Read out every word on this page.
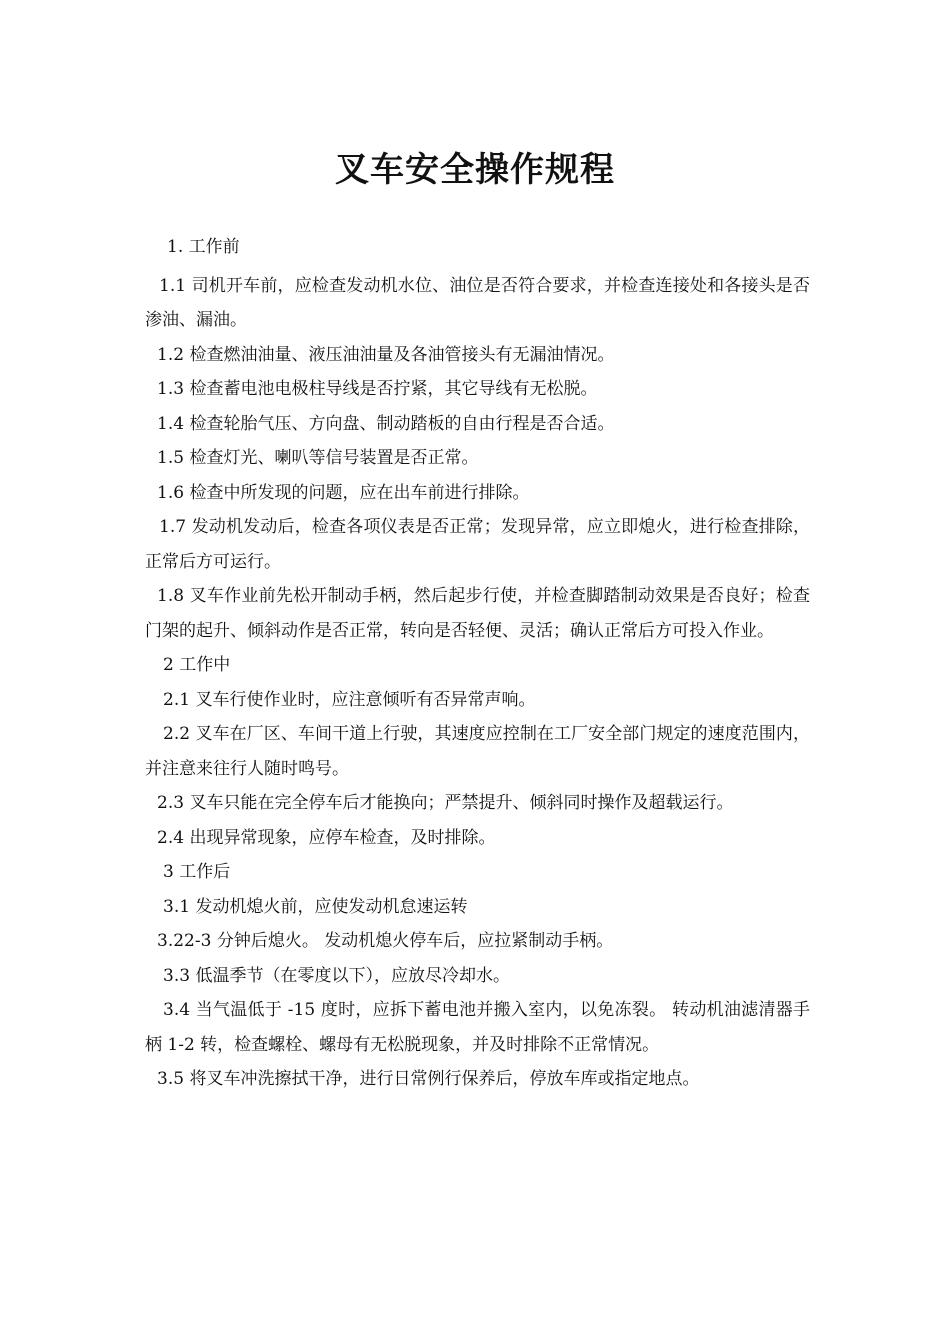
叉车安全操作规程

1. 工作前

1.1 司机开车前，应检查发动机水位、油位是否符合要求，并检查连接处和各接头是否渗油、漏油。

1.2 检查燃油油量、液压油油量及各油管接头有无漏油情况。

1.3 检查蓄电池电极柱导线是否拧紧，其它导线有无松脱。

1.4 检查轮胎气压、方向盘、制动踏板的自由行程是否合适。

1.5 检查灯光、喇叭等信号装置是否正常。

1.6 检查中所发现的问题，应在出车前进行排除。

1.7 发动机发动后，检查各项仪表是否正常；发现异常，应立即熄火，进行检查排除，正常后方可运行。

1.8 叉车作业前先松开制动手柄，然后起步行使，并检查脚踏制动效果是否良好；检查门架的起升、倾斜动作是否正常，转向是否轻便、灵活；确认正常后方可投入作业。

2 工作中

2.1 叉车行使作业时，应注意倾听有否异常声响。

2.2 叉车在厂区、车间干道上行驶，其速度应控制在工厂安全部门规定的速度范围内，并注意来往行人随时鸣号。

2.3 叉车只能在完全停车后才能换向；严禁提升、倾斜同时操作及超载运行。

2.4 出现异常现象，应停车检查，及时排除。

3 工作后

3.1 发动机熄火前，应使发动机怠速运转

3.22-3 分钟后熄火。 发动机熄火停车后，应拉紧制动手柄。

3.3 低温季节（在零度以下），应放尽冷却水。

3.4 当气温低于 -15 度时，应拆下蓄电池并搬入室内，以免冻裂。 转动机油滤清器手柄 1-2 转，检查螺栓、螺母有无松脱现象，并及时排除不正常情况。

3.5 将叉车冲洗擦拭干净，进行日常例行保养后，停放车库或指定地点。
